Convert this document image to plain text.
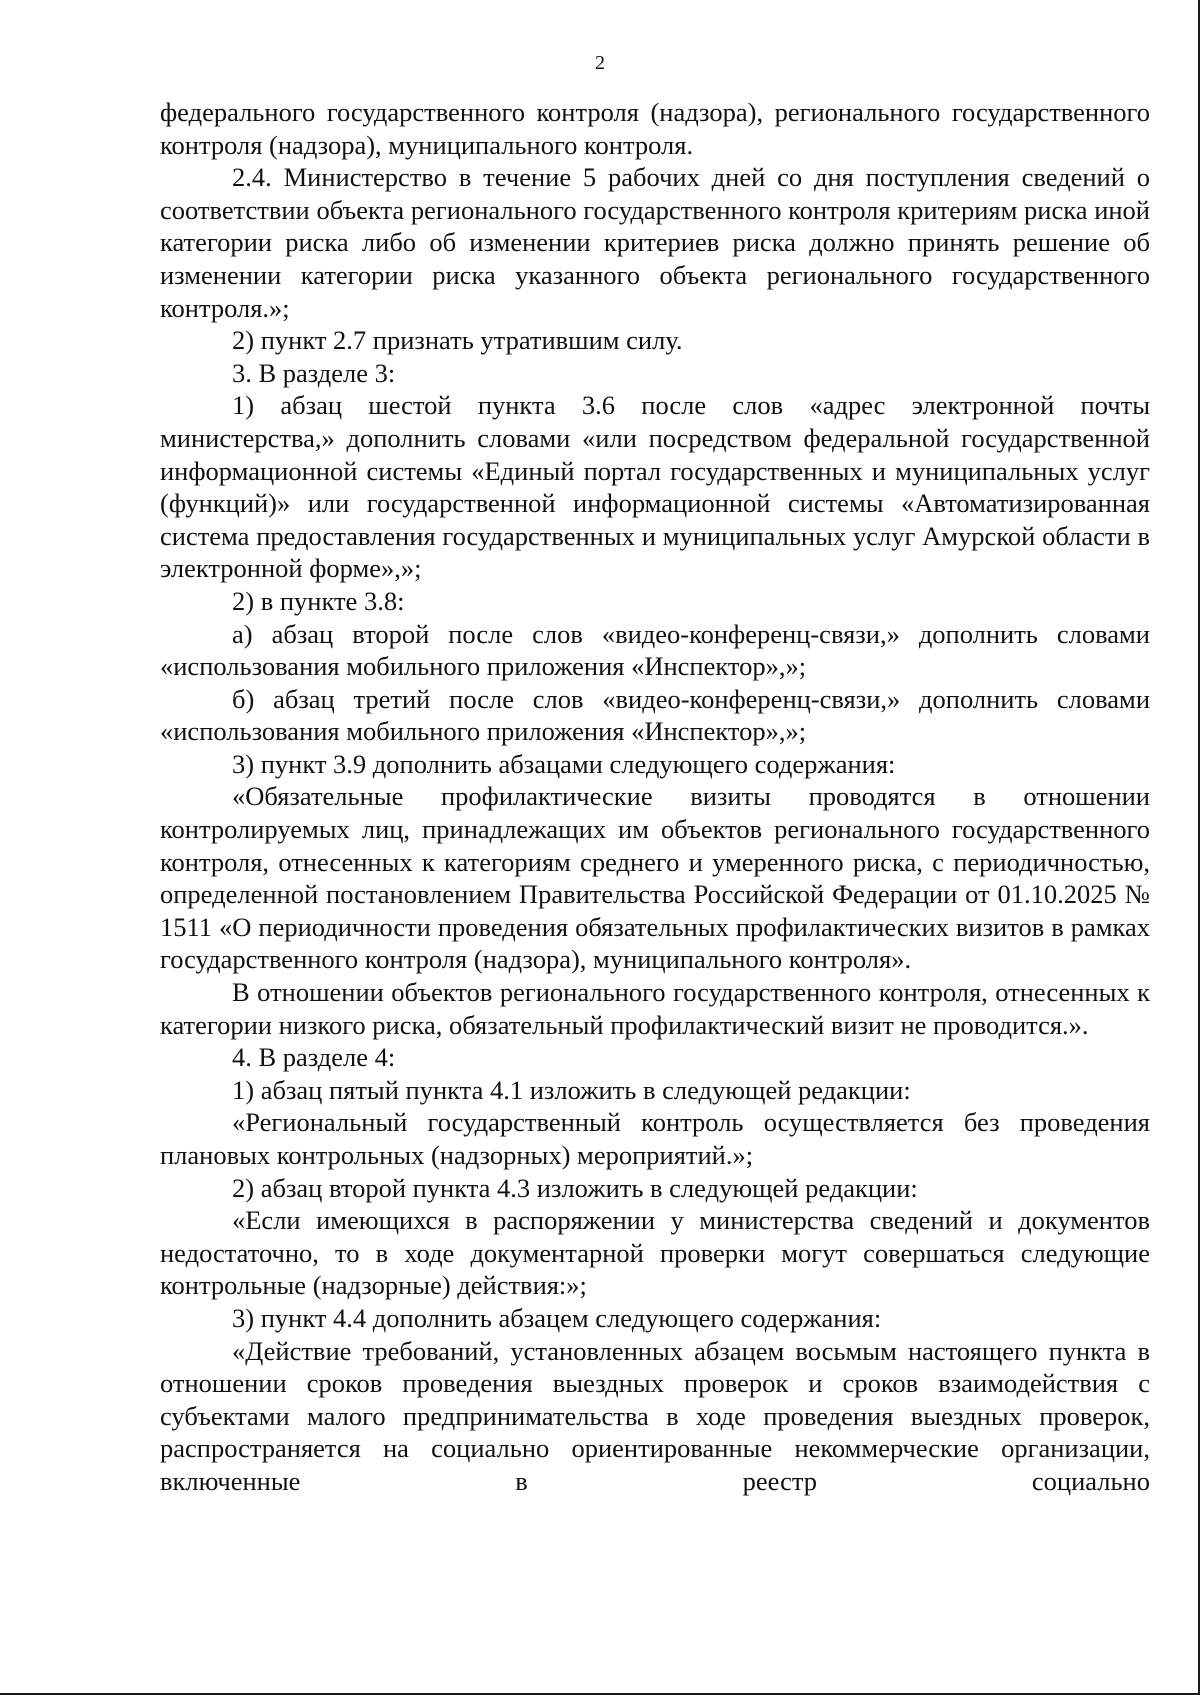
2

федерального государственного контроля (надзора), регионального государственного контроля (надзора), муниципального контроля.

2.4. Министерство в течение 5 рабочих дней со дня поступления сведений о соответствии объекта регионального государственного контроля критериям риска иной категории риска либо об изменении критериев риска должно принять решение об изменении категории риска указанного объекта регионального государственного контроля.»;

2) пункт 2.7 признать утратившим силу.

3. В разделе 3:

1) абзац шестой пункта 3.6 после слов «адрес электронной почты министерства,» дополнить словами «или посредством федеральной государственной информационной системы «Единый портал государственных и муниципальных услуг (функций)» или государственной информационной системы «Автоматизированная система предоставления государственных и муниципальных услуг Амурской области в электронной форме»,»;

2) в пункте 3.8:

а) абзац второй после слов «видео-конференц-связи,» дополнить словами «использования мобильного приложения «Инспектор»,»;

б) абзац третий после слов «видео-конференц-связи,» дополнить словами «использования мобильного приложения «Инспектор»,»;

3) пункт 3.9 дополнить абзацами следующего содержания:

«Обязательные профилактические визиты проводятся в отношении контролируемых лиц, принадлежащих им объектов регионального государственного контроля, отнесенных к категориям среднего и умеренного риска, с периодичностью, определенной постановлением Правительства Российской Федерации от 01.10.2025 № 1511 «О периодичности проведения обязательных профилактических визитов в рамках государственного контроля (надзора), муниципального контроля».

В отношении объектов регионального государственного контроля, отнесенных к категории низкого риска, обязательный профилактический визит не проводится.».

4. В разделе 4:

1) абзац пятый пункта 4.1 изложить в следующей редакции:

«Региональный государственный контроль осуществляется без проведения плановых контрольных (надзорных) мероприятий.»;

2) абзац второй пункта 4.3 изложить в следующей редакции:

«Если имеющихся в распоряжении у министерства сведений и документов недостаточно, то в ходе документарной проверки могут совершаться следующие контрольные (надзорные) действия:»;

3) пункт 4.4 дополнить абзацем следующего содержания:

«Действие требований, установленных абзацем восьмым настоящего пункта в отношении сроков проведения выездных проверок и сроков взаимодействия с субъектами малого предпринимательства в ходе проведения выездных проверок, распространяется на социально ориентированные некоммерческие организации, включенные в реестр социально
